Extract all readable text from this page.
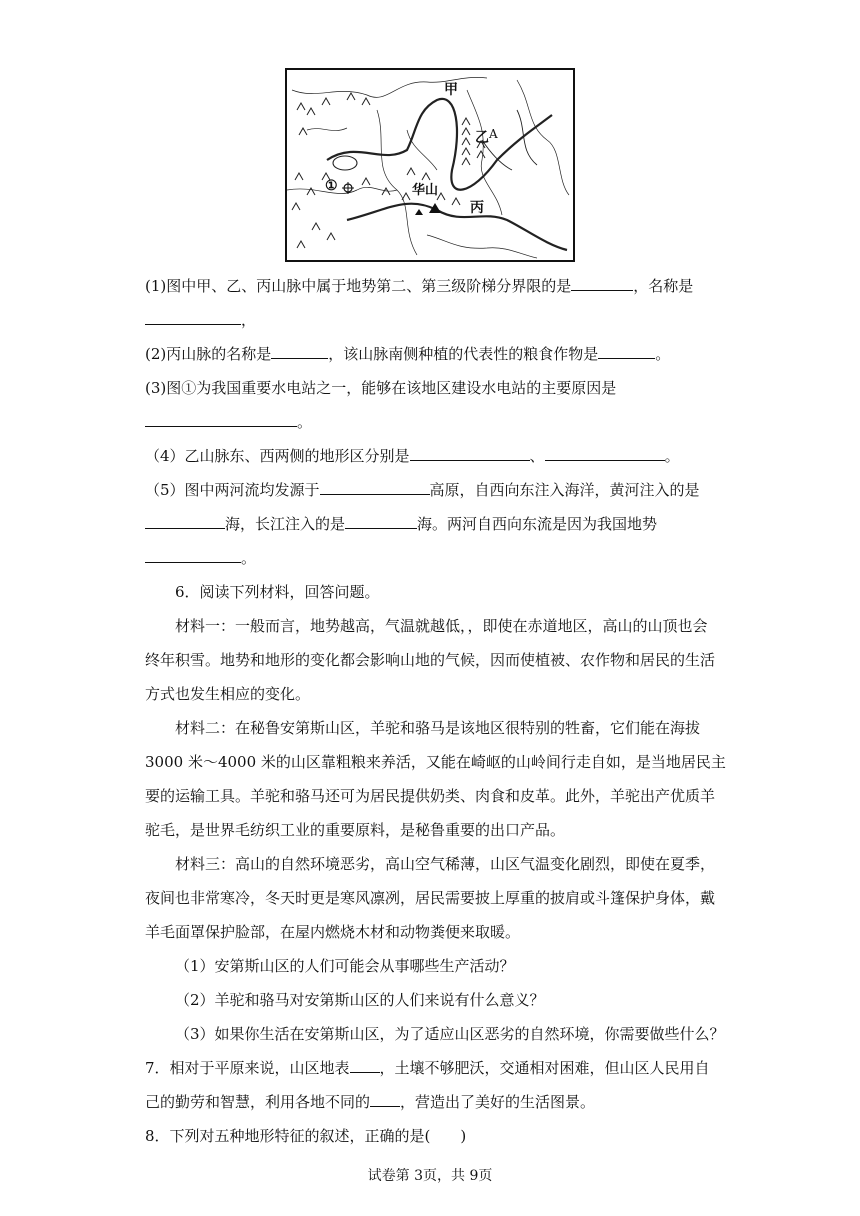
甲
乙 A
丙
华山
①
(1)图中甲、乙、丙山脉中属于地势第二、第三级阶梯分界限的是	，名称是
，
(2)丙山脉的名称是	，该山脉南侧种植的代表性的粮食作物是	。
(3)图①为我国重要水电站之一，能够在该地区建设水电站的主要原因是
。
（4）乙山脉东、西两侧的地形区分别是	、	。
（5）图中两河流均发源于	高原，自西向东注入海洋，黄河注入的是
海，长江注入的是	海。两河自西向东流是因为我国地势
。
6．阅读下列材料，回答问题。
材料一：一般而言，地势越高，气温就越低，，即使在赤道地区，高山的山顶也会
终年积雪。地势和地形的变化都会影响山地的气候，因而使植被、农作物和居民的生活
方式也发生相应的变化。
材料二：在秘鲁安第斯山区，羊驼和骆马是该地区很特别的牲畜，它们能在海拔
3000 米～4000 米的山区靠粗粮来养活，又能在崎岖的山岭间行走自如，是当地居民主
要的运输工具。羊驼和骆马还可为居民提供奶类、肉食和皮革。此外，羊驼出产优质羊
驼毛，是世界毛纺织工业的重要原料，是秘鲁重要的出口产品。
材料三：高山的自然环境恶劣，高山空气稀薄，山区气温变化剧烈，即使在夏季，
夜间也非常寒冷，冬天时更是寒风凛冽，居民需要披上厚重的披肩或斗篷保护身体，戴
羊毛面罩保护脸部，在屋内燃烧木材和动物粪便来取暖。
（1）安第斯山区的人们可能会从事哪些生产活动？
（2）羊驼和骆马对安第斯山区的人们来说有什么意义？
（3）如果你生活在安第斯山区，为了适应山区恶劣的自然环境，你需要做些什么？
7．相对于平原来说，山区地表 ，土壤不够肥沃，交通相对困难，但山区人民用自
己的勤劳和智慧，利用各地不同的 ，营造出了美好的生活图景。
8．下列对五种地形特征的叙述，正确的是(　　)
试卷第 3页，共 9页
